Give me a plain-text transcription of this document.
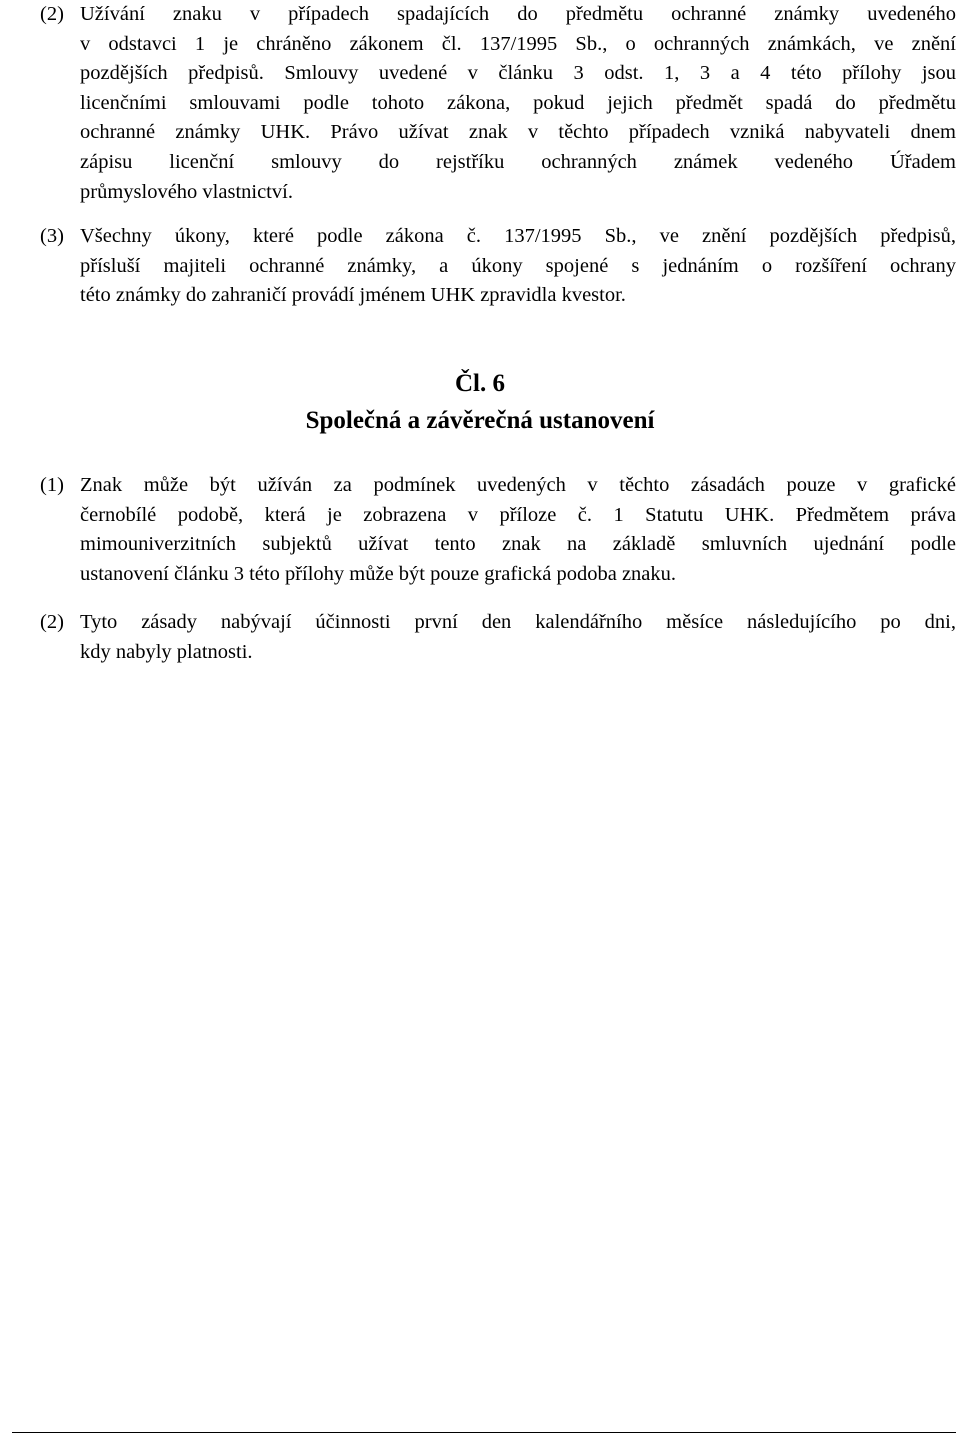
(2) Užívání znaku v případech spadajících do předmětu ochranné známky uvedeného
v odstavci 1 je chráněno zákonem čl. 137/1995 Sb., o ochranných známkách, ve znění
pozdějších předpisů. Smlouvy uvedené v článku 3 odst. 1, 3 a 4 této přílohy jsou
licenčními smlouvami podle tohoto zákona, pokud jejich předmět spadá do předmětu
ochranné známky UHK. Právo užívat znak v těchto případech vzniká nabyvateli dnem
zápisu licenční smlouvy do rejstříku ochranných známek vedeného Úřadem
průmyslového vlastnictví.
(3) Všechny úkony, které podle zákona č. 137/1995 Sb., ve znění pozdějších předpisů,
přísluší majiteli ochranné známky, a úkony spojené s jednáním o rozšíření ochrany
této známky do zahraničí provádí jménem UHK zpravidla kvestor.
Čl. 6
Společná a závěrečná ustanovení
(1) Znak může být užíván za podmínek uvedených v těchto zásadách pouze v grafické
černobílé podobě, která je zobrazena v příloze č. 1 Statutu UHK. Předmětem práva
mimouniverzitních subjektů užívat tento znak na základě smluvních ujednání podle
ustanovení článku 3 této přílohy může být pouze grafická podoba znaku.
(2) Tyto zásady nabývají účinnosti první den kalendářního měsíce následujícího po dni,
kdy nabyly platnosti.
